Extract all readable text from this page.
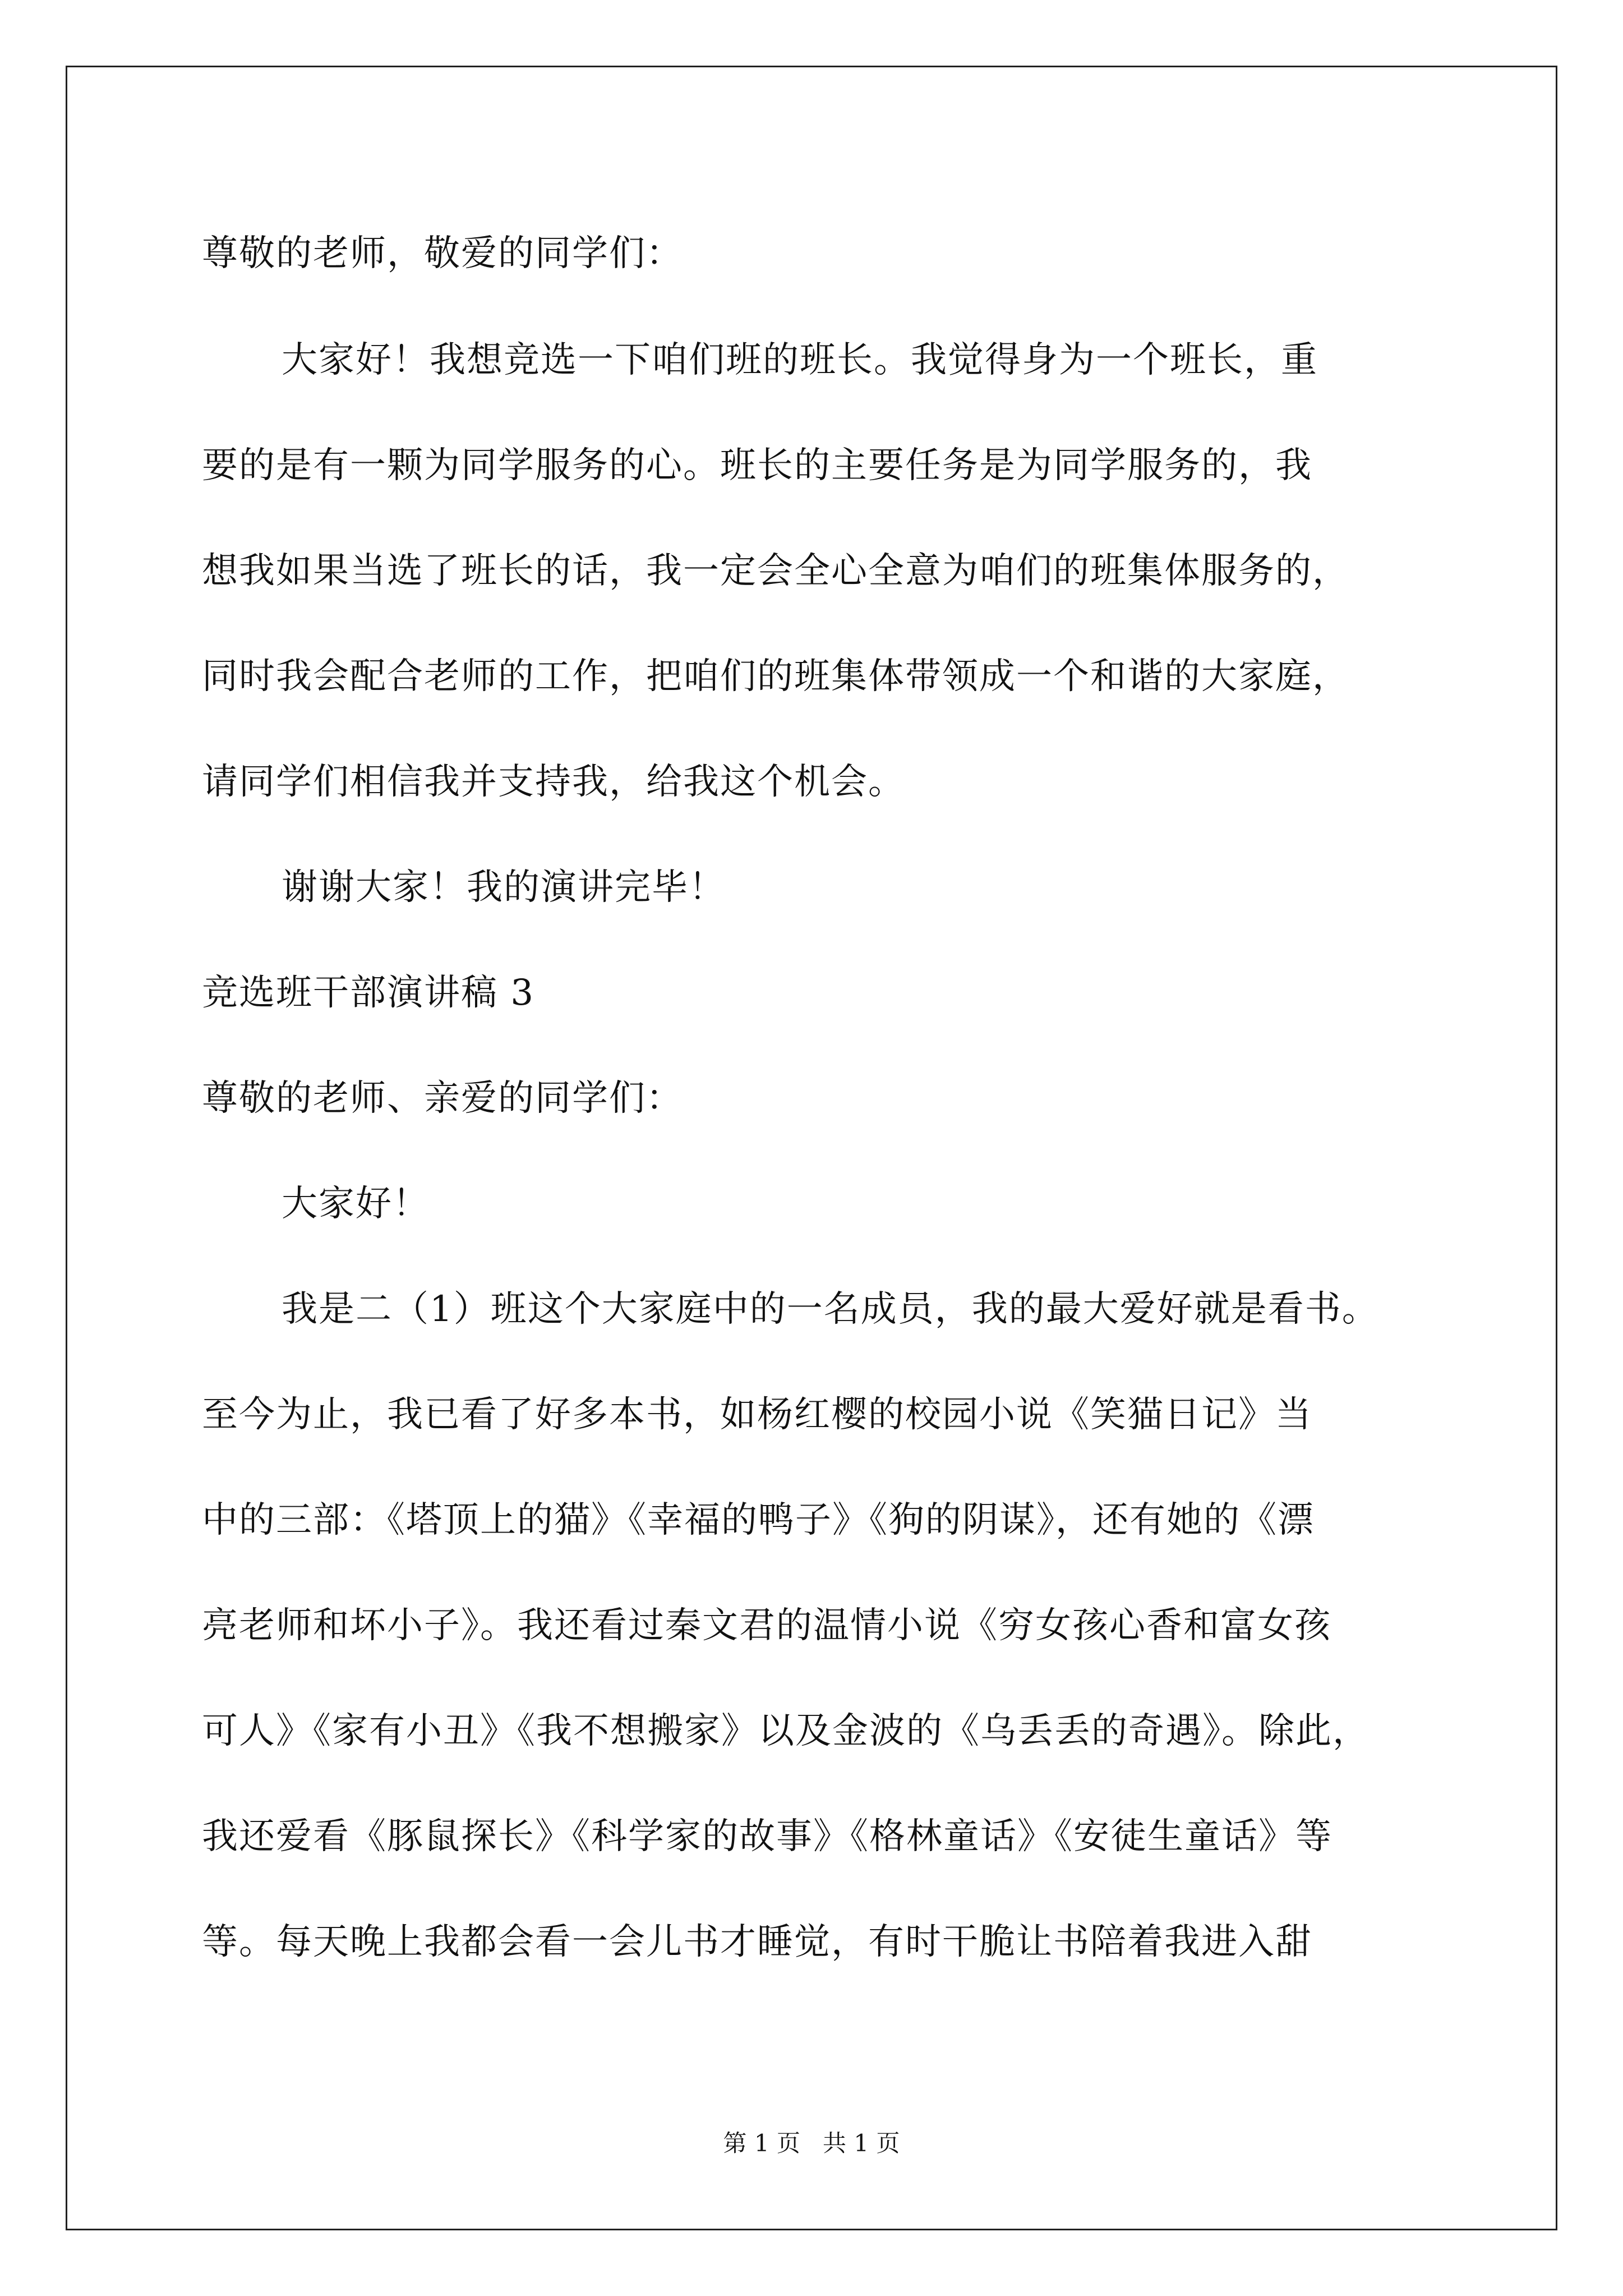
尊敬的老师，敬爱的同学们：
大家好！我想竞选一下咱们班的班长。我觉得身为一个班长，重
要的是有一颗为同学服务的心。班长的主要任务是为同学服务的，我
想我如果当选了班长的话，我一定会全心全意为咱们的班集体服务的，
同时我会配合老师的工作，把咱们的班集体带领成一个和谐的大家庭，
请同学们相信我并支持我，给我这个机会。
谢谢大家！我的演讲完毕！
竞选班干部演讲稿 3
尊敬的老师、亲爱的同学们：
大家好！
我是二（1）班这个大家庭中的一名成员，我的最大爱好就是看书。
至今为止，我已看了好多本书，如杨红樱的校园小说《笑猫日记》当
中的三部：《塔顶上的猫》《幸福的鸭子》《狗的阴谋》，还有她的《漂
亮老师和坏小子》。我还看过秦文君的温情小说《穷女孩心香和富女孩
可人》《家有小丑》《我不想搬家》以及金波的《乌丢丢的奇遇》。除此，
我还爱看《豚鼠探长》《科学家的故事》《格林童话》《安徒生童话》等
等。每天晚上我都会看一会儿书才睡觉，有时干脆让书陪着我进入甜
第 1 页   共 1 页
